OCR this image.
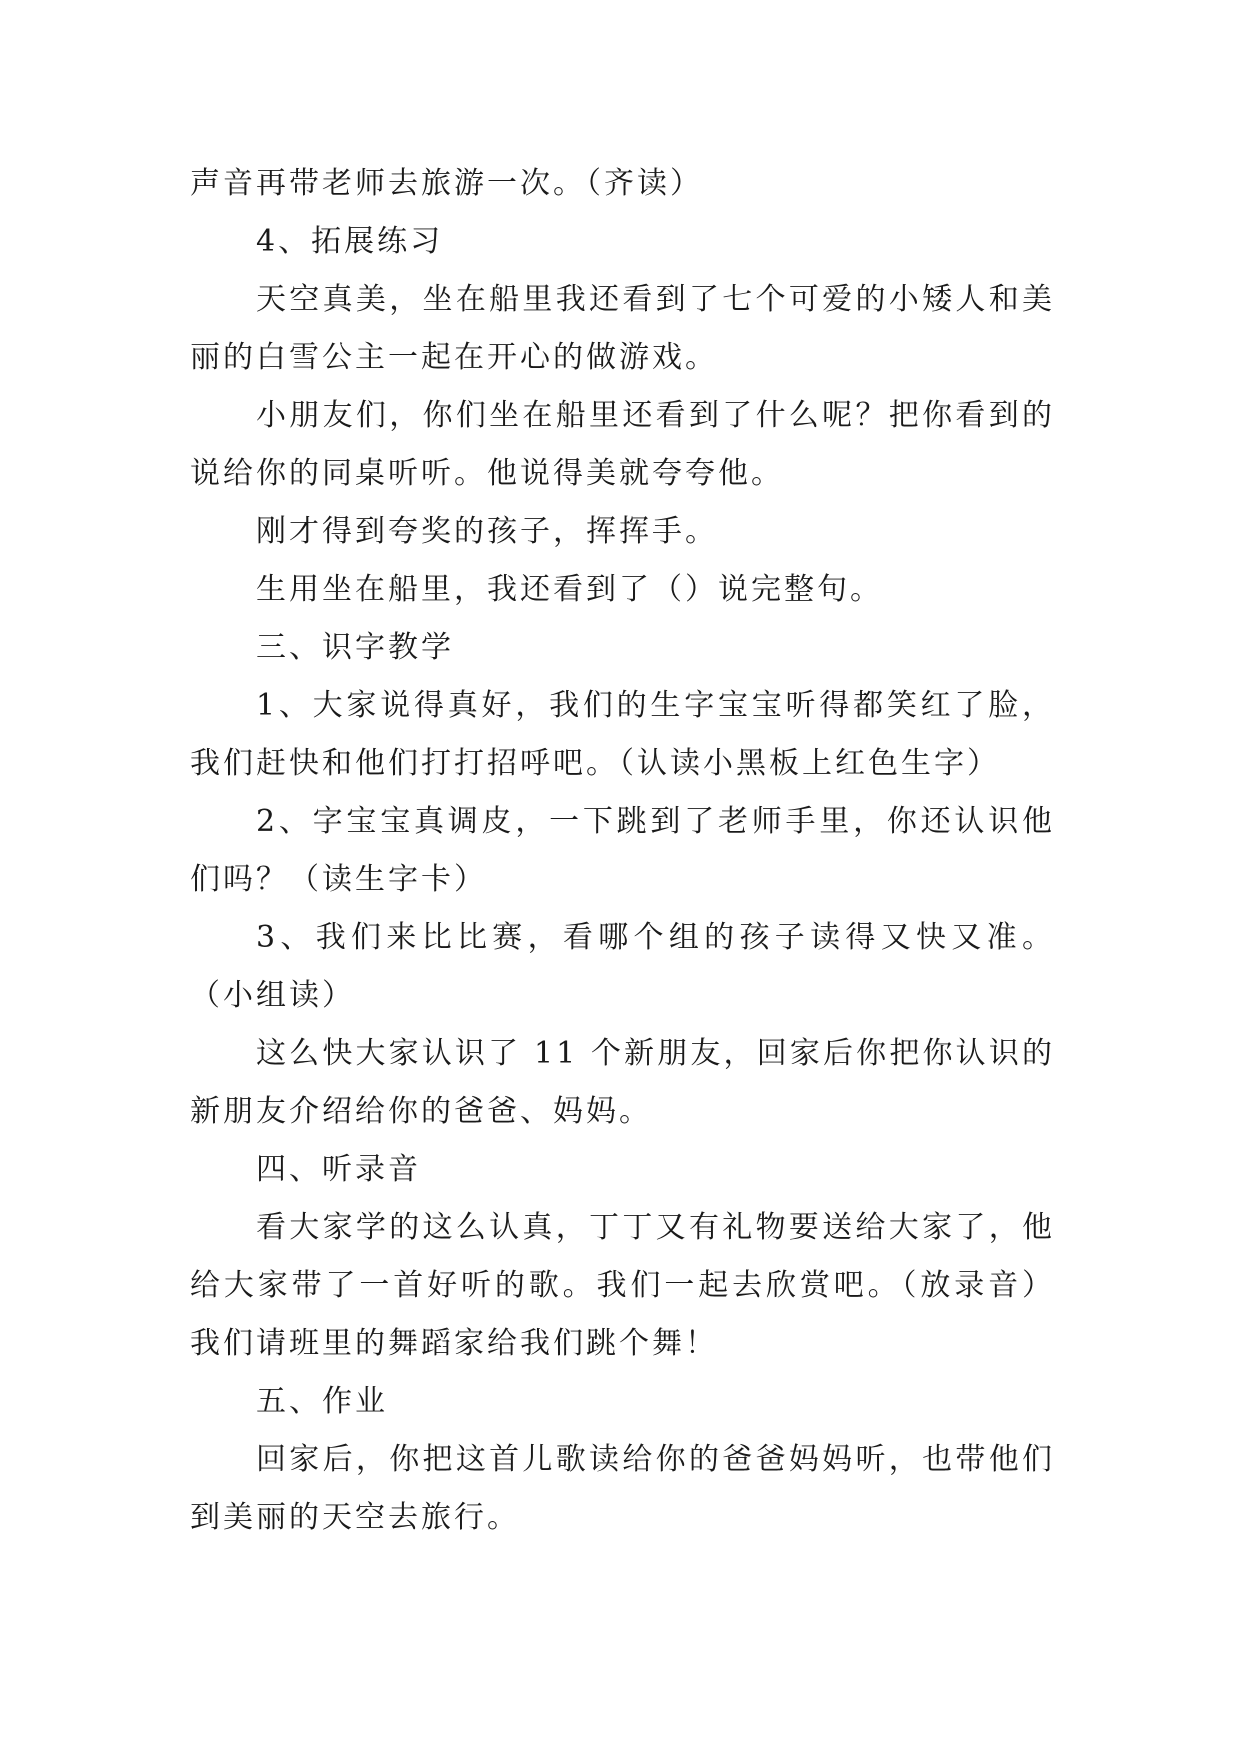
声音再带老师去旅游一次。（齐读）

4、拓展练习

天空真美，坐在船里我还看到了七个可爱的小矮人和美丽的白雪公主一起在开心的做游戏。

小朋友们，你们坐在船里还看到了什么呢？把你看到的说给你的同桌听听。他说得美就夸夸他。

刚才得到夸奖的孩子，挥挥手。

生用坐在船里，我还看到了（）说完整句。

三、识字教学

1、大家说得真好，我们的生字宝宝听得都笑红了脸，我们赶快和他们打打招呼吧。（认读小黑板上红色生字）

2、字宝宝真调皮，一下跳到了老师手里，你还认识他们吗？（读生字卡）

3、我们来比比赛，看哪个组的孩子读得又快又准。（小组读）

这么快大家认识了 11 个新朋友，回家后你把你认识的新朋友介绍给你的爸爸、妈妈。

四、听录音

看大家学的这么认真，丁丁又有礼物要送给大家了，他给大家带了一首好听的歌。我们一起去欣赏吧。（放录音）我们请班里的舞蹈家给我们跳个舞！

五、作业

回家后，你把这首儿歌读给你的爸爸妈妈听，也带他们到美丽的天空去旅行。
